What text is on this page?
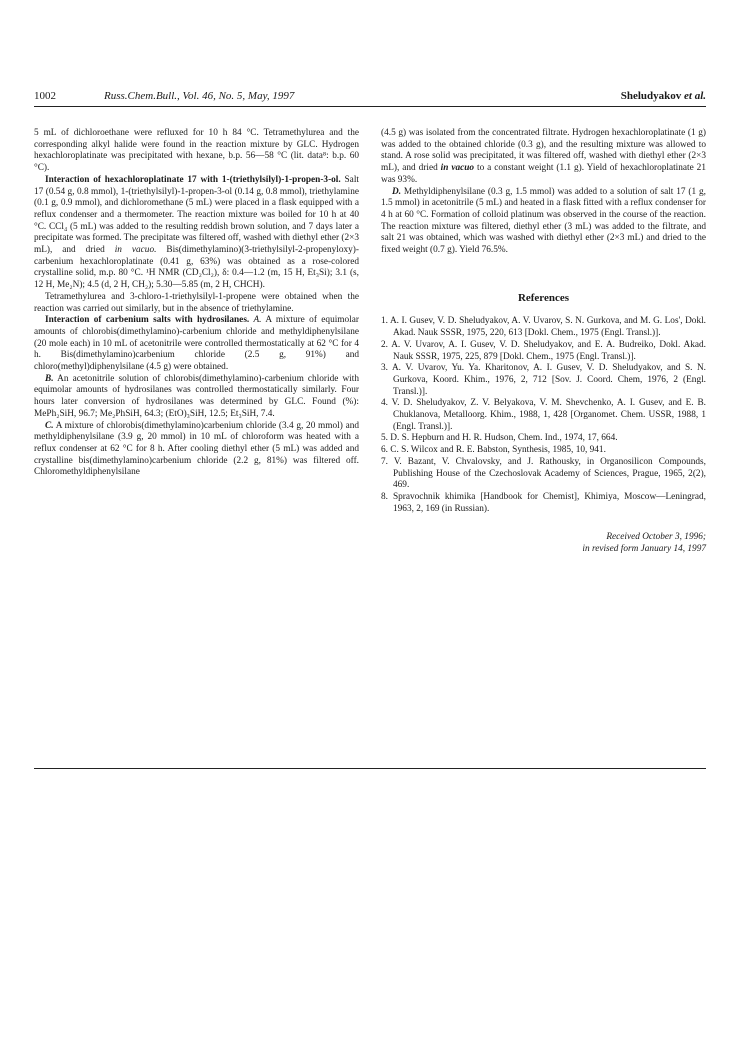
1002	Russ.Chem.Bull., Vol. 46, No. 5, May, 1997	Sheludyakov et al.

5 mL of dichloroethane were refluxed for 10 h 84 °C. Tetramethylurea and the corresponding alkyl halide were found in the reaction mixture by GLC. Hydrogen hexachloroplatinate was precipitated with hexane, b.p. 56—58 °C (lit. data⁸: b.p. 60 °C).

Interaction of hexachloroplatinate 17 with 1-(triethylsilyl)-1-propen-3-ol. Salt 17 (0.54 g, 0.8 mmol), 1-(triethylsilyl)-1-propen-3-ol (0.14 g, 0.8 mmol), triethylamine (0.1 g, 0.9 mmol), and dichloromethane (5 mL) were placed in a flask equipped with a reflux condenser and a thermometer. The reaction mixture was boiled for 10 h at 40 °C. CCl₄ (5 mL) was added to the resulting reddish brown solution, and 7 days later a precipitate was formed. The precipitate was filtered off, washed with diethyl ether (2×3 mL), and dried in vacuo. Bis(dimethylamino)(3-triethylsilyl-2-propenyloxy)-carbenium hexachloroplatinate (0.41 g, 63%) was obtained as a rose-colored crystalline solid, m.p. 80 °C. ¹H NMR (CD₂Cl₂), δ: 0.4—1.2 (m, 15 H, Et₃Si); 3.1 (s, 12 H, Me₂N); 4.5 (d, 2 H, CH₂); 5.30—5.85 (m, 2 H, CHCH).

Tetramethylurea and 3-chloro-1-triethylsilyl-1-propene were obtained when the reaction was carried out similarly, but in the absence of triethylamine.

Interaction of carbenium salts with hydrosilanes. A. A mixture of equimolar amounts of chlorobis(dimethylamino)-carbenium chloride and methyldiphenylsilane (20 mole each) in 10 mL of acetonitrile were controlled thermostatically at 62 °C for 4 h. Bis(dimethylamino)carbenium chloride (2.5 g, 91%) and chloro(methyl)diphenylsilane (4.5 g) were obtained.

B. An acetonitrile solution of chlorobis(dimethylamino)-carbenium chloride with equimolar amounts of hydrosilanes was controlled thermostatically similarly. Four hours later conversion of hydrosilanes was determined by GLC. Found (%): MePh₂SiH, 96.7; Me₂PhSiH, 64.3; (EtO)₃SiH, 12.5; Et₃SiH, 7.4.

C. A mixture of chlorobis(dimethylamino)carbenium chloride (3.4 g, 20 mmol) and methyldiphenylsilane (3.9 g, 20 mmol) in 10 mL of chloroform was heated with a reflux condenser at 62 °C for 8 h. After cooling diethyl ether (5 mL) was added and crystalline bis(dimethylamino)carbenium chloride (2.2 g, 81%) was filtered off. Chloromethyldiphenylsilane

(4.5 g) was isolated from the concentrated filtrate. Hydrogen hexachloroplatinate (1 g) was added to the obtained chloride (0.3 g), and the resulting mixture was allowed to stand. A rose solid was precipitated, it was filtered off, washed with diethyl ether (2×3 mL), and dried in vacuo to a constant weight (1.1 g). Yield of hexachloroplatinate 21 was 93%.

D. Methyldiphenylsilane (0.3 g, 1.5 mmol) was added to a solution of salt 17 (1 g, 1.5 mmol) in acetonitrile (5 mL) and heated in a flask fitted with a reflux condenser for 4 h at 60 °C. Formation of colloid platinum was observed in the course of the reaction. The reaction mixture was filtered, diethyl ether (3 mL) was added to the filtrate, and salt 21 was obtained, which was washed with diethyl ether (2×3 mL) and dried to the fixed weight (0.7 g). Yield 76.5%.

References

1. A. I. Gusev, V. D. Sheludyakov, A. V. Uvarov, S. N. Gurkova, and M. G. Los', Dokl. Akad. Nauk SSSR, 1975, 220, 613 [Dokl. Chem., 1975 (Engl. Transl.)].

2. A. V. Uvarov, A. I. Gusev, V. D. Sheludyakov, and E. A. Budreiko, Dokl. Akad. Nauk SSSR, 1975, 225, 879 [Dokl. Chem., 1975 (Engl. Transl.)].

3. A. V. Uvarov, Yu. Ya. Kharitonov, A. I. Gusev, V. D. Sheludyakov, and S. N. Gurkova, Koord. Khim., 1976, 2, 712 [Sov. J. Coord. Chem, 1976, 2 (Engl. Transl.)].

4. V. D. Sheludyakov, Z. V. Belyakova, V. M. Shevchenko, A. I. Gusev, and E. B. Chuklanova, Metalloorg. Khim., 1988, 1, 428 [Organomet. Chem. USSR, 1988, 1 (Engl. Transl.)].

5. D. S. Hepburn and H. R. Hudson, Chem. Ind., 1974, 17, 664.

6. C. S. Wilcox and R. E. Babston, Synthesis, 1985, 10, 941.

7. V. Bazant, V. Chvalovsky, and J. Rathousky, in Organosilicon Compounds, Publishing House of the Czechoslovak Academy of Sciences, Prague, 1965, 2(2), 469.

8. Spravochnik khimika [Handbook for Chemist], Khimiya, Moscow—Leningrad, 1963, 2, 169 (in Russian).

Received October 3, 1996;
in revised form January 14, 1997
